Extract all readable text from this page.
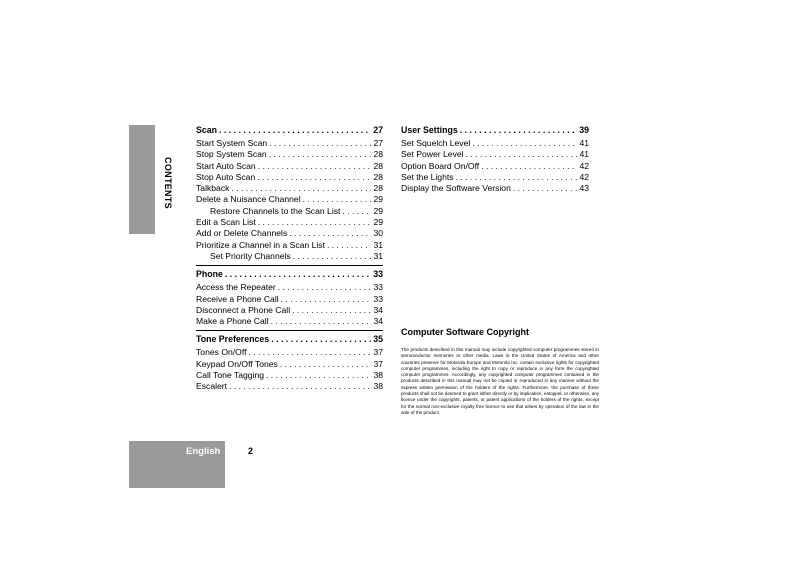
CONTENTS
Scan . . .	27
Start System Scan . . .	27
Stop System Scan . . .	28
Start Auto Scan . . .	28
Stop Auto Scan . . .	28
Talkback . . .	28
Delete a Nuisance Channel . . .	29
Restore Channels to the Scan List . . .	29
Edit a Scan List . . .	29
Add or Delete Channels . . .	30
Prioritize a Channel in a Scan List . . .	31
Set Priority Channels . . .	31
Phone . . .	33
Access the Repeater . . .	33
Receive a Phone Call . . .	33
Disconnect a Phone Call . . .	34
Make a Phone Call . . .	34
Tone Preferences . . .	35
Tones On/Off . . .	37
Keypad On/Off Tones . . .	37
Call Tone Tagging . . .	38
Escalert . . .	38
User Settings . . .	39
Set Squelch Level . . .	41
Set Power Level . . .	41
Option Board On/Off . . .	42
Set the Lights . . .	42
Display the Software Version . . .	43
Computer Software Copyright

The products described in this manual may include copyrighted computer programmes stored in semiconductor memories or other media. Laws in the United States of America and other countries preserve for Motorola Europe and Motorola Inc. certain exclusive rights for copyrighted computer programmes, including the right to copy or reproduce in any form the copyrighted computer programmes. Accordingly, any copyrighted computer programmes contained in the products described in this manual may not be copied or reproduced in any manner without the express written permission of the holders of the rights. Furthermore, the purchase of these products shall not be deemed to grant either directly or by implication, estoppel, or otherwise, any licence under the copyrights, patents, or patent applications of the holders of the rights, except for the normal non-exclusive royalty free licence to use that arises by operation of the law in the sale of the product.

English	2
